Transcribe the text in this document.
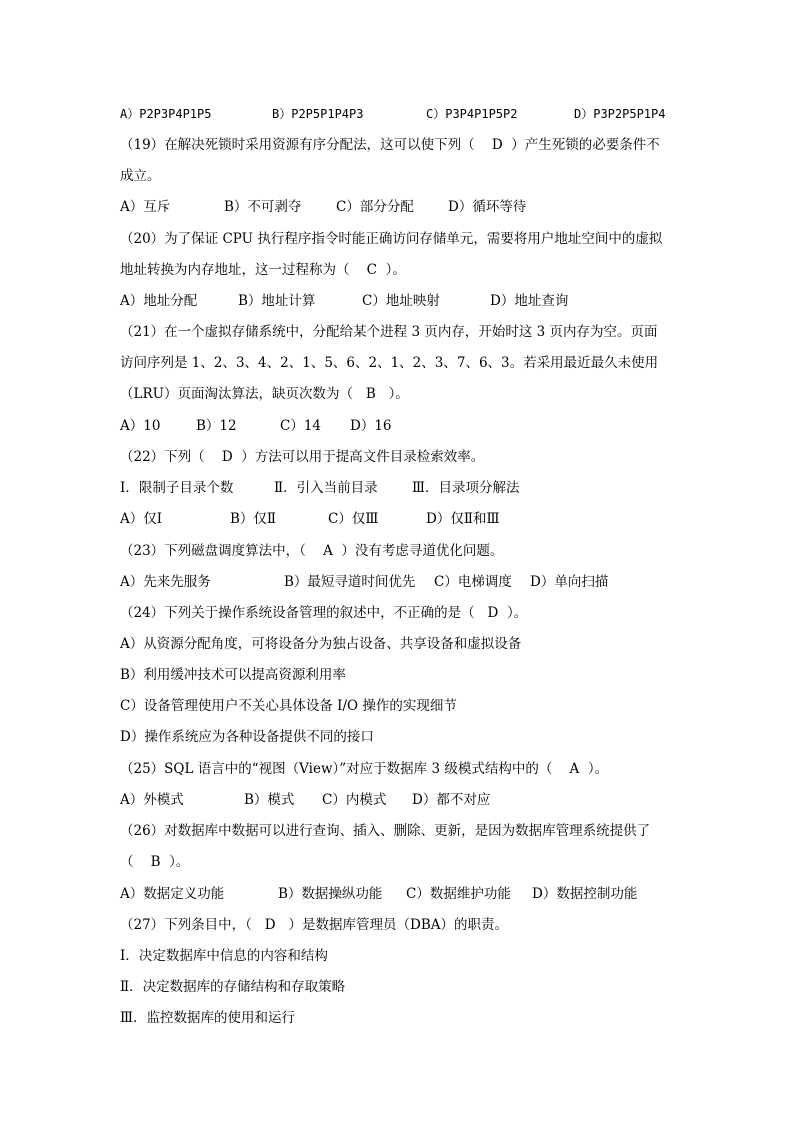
A）P2P3P4P1P5	B）P2P5P1P4P3	C）P3P4P1P5P2	D）P3P2P5P1P4
（19）在解决死锁时采用资源有序分配法，这可以使下列（    D  ）产生死锁的必要条件不
成立。
A）互斥	B）不可剥夺	C）部分分配	D）循环等待
（20）为了保证 CPU 执行程序指令时能正确访问存储单元，需要将用户地址空间中的虚拟
地址转换为内存地址，这一过程称为（    C  ）。
A）地址分配	B）地址计算	C）地址映射	D）地址查询
（21）在一个虚拟存储系统中，分配给某个进程 3 页内存，开始时这 3 页内存为空。页面
访问序列是 1、2、3、4、2、1、5、6、2、1、2、3、7、6、3。若采用最近最久未使用
（LRU）页面淘汰算法，缺页次数为（   B   ）。
A）10	B）12	C）14 D）16
（22）下列（    D  ）方法可以用于提高文件目录检索效率。
Ⅰ．限制子目录个数	Ⅱ．引入当前目录	Ⅲ．目录项分解法
A）仅Ⅰ	B）仅Ⅱ	C）仅Ⅲ	D）仅Ⅱ和Ⅲ
（23）下列磁盘调度算法中，（    A  ）没有考虑寻道优化问题。
A）先来先服务	B）最短寻道时间优先 C）电梯调度 D）单向扫描
（24）下列关于操作系统设备管理的叙述中，不正确的是（   D  ）。
A）从资源分配角度，可将设备分为独占设备、共享设备和虚拟设备
B）利用缓冲技术可以提高资源利用率
C）设备管理使用户不关心具体设备 I/O 操作的实现细节
D）操作系统应为各种设备提供不同的接口
（25）SQL 语言中的“视图（View）”对应于数据库 3 级模式结构中的（    A  ）。
A）外模式	B）模式 C）内模式 D）都不对应
（26）对数据库中数据可以进行查询、插入、删除、更新，是因为数据库管理系统提供了
（    B  ）。
A）数据定义功能	B）数据操纵功能 C）数据维护功能 D）数据控制功能
（27）下列条目中，（   D   ）是数据库管理员（DBA）的职责。
Ⅰ．决定数据库中信息的内容和结构
Ⅱ．决定数据库的存储结构和存取策略
Ⅲ．监控数据库的使用和运行
